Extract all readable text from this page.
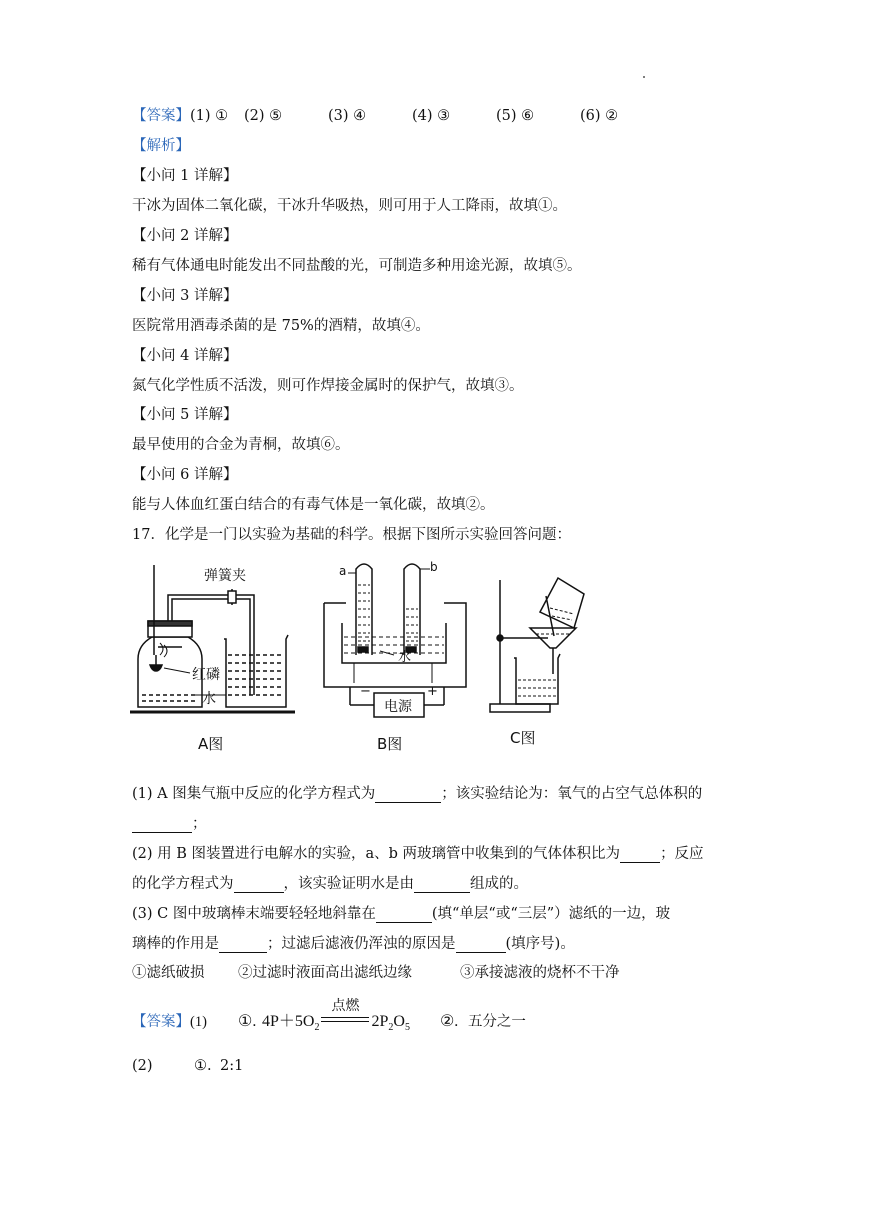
【答案】(1) ① (2) ⑤	(3) ④	(4) ③	(5) ⑥	(6) ②
【解析】
【小问 1 详解】
干冰为固体二氧化碳，干冰升华吸热，则可用于人工降雨，故填①。
【小问 2 详解】
稀有气体通电时能发出不同盐酸的光，可制造多种用途光源，故填⑤。
【小问 3 详解】
医院常用酒毒杀菌的是 75%的酒精，故填④。
【小问 4 详解】
氮气化学性质不活泼，则可作焊接金属时的保护气，故填③。
【小问 5 详解】
最早使用的合金为青桐，故填⑥。
【小问 6 详解】
能与人体血红蛋白结合的有毒气体是一氧化碳，故填②。
17．化学是一门以实验为基础的科学。根据下图所示实验回答问题：
弹簧夹
红磷
水
A图
a	b
水
电源
−	+
B图	C图
(1) A 图集气瓶中反应的化学方程式为	；该实验结论为：氧气的占空气总体积的
；
(2) 用 B 图装置进行电解水的实验，a、b 两玻璃管中收集到的气体体积比为	；反应
的化学方程式为	，该实验证明水是由	组成的。
(3) C 图中玻璃棒末端要轻轻地斜靠在	(填“单层“或“三层”）滤纸的一边，玻
璃棒的作用是	；过滤后滤液仍浑浊的原因是	(填序号)。
①滤纸破损 ②过滤时液面高出滤纸边缘	③承接滤液的烧杯不干净
【答案】(1) ①. $4P+5O_2$
点燃
$2P_2O_5$ ②. 五分之一
(2)	①. 2:1
